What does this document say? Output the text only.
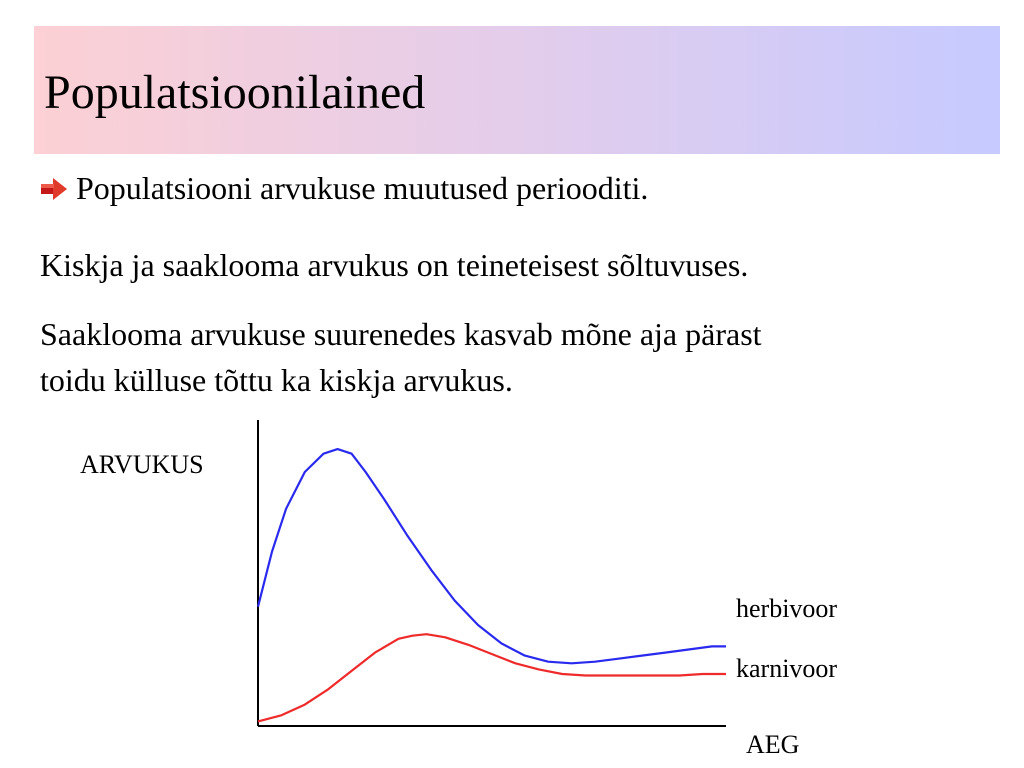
Populatsioonilained
Populatsiooni arvukuse muutused periooditi.
Kiskja ja saaklooma arvukus on teineteisest sõltuvuses.
Saaklooma arvukuse suurenedes kasvab mõne aja pärast
toidu külluse tõttu ka kiskja arvukus.
ARVUKUS
AEG
herbivoor
karnivoor
